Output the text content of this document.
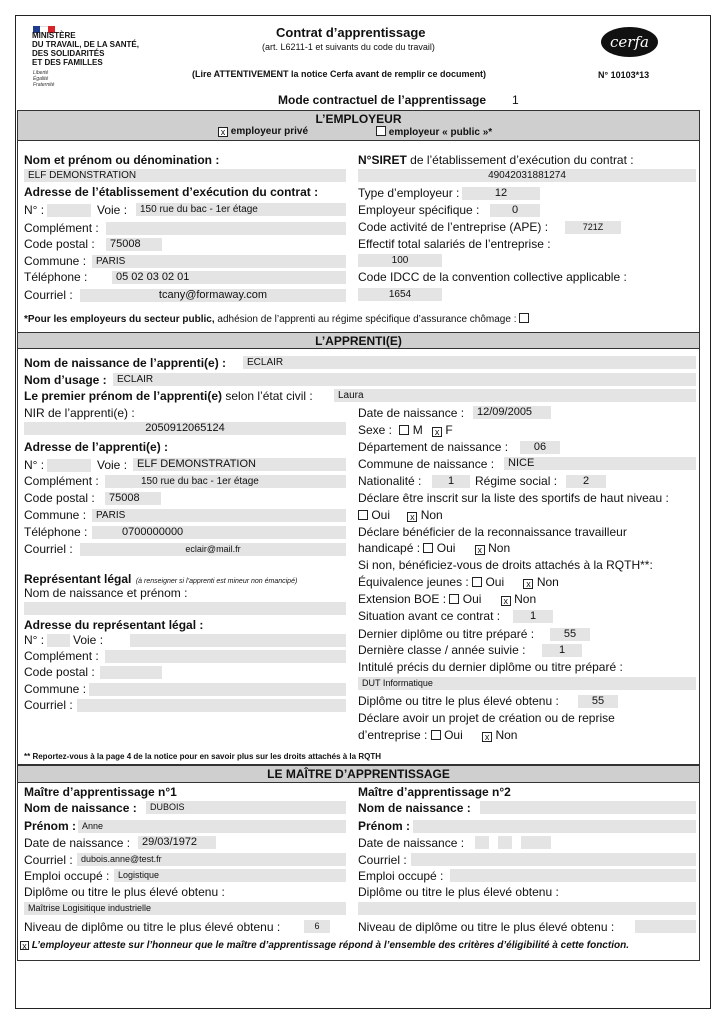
MINISTÈRE
DU TRAVAIL, DE LA SANTÉ,
DES SOLIDARITÉS
ET DES FAMILLES
Liberté
Égalité
Fraternité
Contrat d’apprentissage
(art. L6211-1 et suivants du code du travail)
(Lire ATTENTIVEMENT la notice Cerfa avant de remplir ce document)
cerfa
N° 10103*13
Mode contractuel de l’apprentissage 1
L’EMPLOYEUR
x employeur privé	employeur « public »*
Nom et prénom ou dénomination :
ELF DEMONSTRATION
Adresse de l’établissement d’exécution du contrat :
N° :	Voie :	150 rue du bac - 1er étage
Complément :
Code postal :	75008
Commune : PARIS
Téléphone :	05 02 03 02 01
Courriel :	tcany@formaway.com
N°SIRET de l’établissement d’exécution du contrat :
49042031881274
Type d’employeur :	12
Employeur spécifique :	0
Code activité de l’entreprise (APE) :	721Z
Effectif total salariés de l’entreprise :
100
Code IDCC de la convention collective applicable :
1654
*Pour les employeurs du secteur public, adhésion de l’apprenti au régime spécifique d’assurance chômage :
L’APPRENTI(E)
Nom de naissance de l’apprenti(e) :	ECLAIR
Nom d’usage :	ECLAIR
Le premier prénom de l’apprenti(e) selon l’état civil :	Laura
NIR de l’apprenti(e) :
2050912065124
Adresse de l’apprenti(e) :
N° :	Voie : ELF DEMONSTRATION
Complément :	150 rue du bac - 1er étage
Code postal :	75008
Commune : PARIS
Téléphone :	0700000000
Courriel :	eclair@mail.fr
Représentant légal (à renseigner si l’apprenti est mineur non émancipé)
Nom de naissance et prénom :
Adresse du représentant légal :
N° : Voie :
Complément :
Code postal :
Commune :
Courriel :
Date de naissance :	12/09/2005
Sexe : M x F
Département de naissance :	06
Commune de naissance :	NICE
Nationalité :	1	Régime social :	2
Déclare être inscrit sur la liste des sportifs de haut niveau :
Oui x Non
Déclare bénéficier de la reconnaissance travailleur
handicapé : Oui x Non
Si non, bénéficiez-vous de droits attachés à la RQTH**:
Équivalence jeunes : Oui x Non
Extension BOE : Oui x Non
Situation avant ce contrat :	1
Dernier diplôme ou titre préparé :	55
Dernière classe / année suivie :	1
Intitulé précis du dernier diplôme ou titre préparé :
DUT Informatique
Diplôme ou titre le plus élevé obtenu :	55
Déclare avoir un projet de création ou de reprise
d’entreprise : Oui x Non
** Reportez-vous à la page 4 de la notice pour en savoir plus sur les droits attachés à la RQTH
LE MAÎTRE D’APPRENTISSAGE
Maître d’apprentissage n°1
Nom de naissance :	DUBOIS
Prénom : Anne
Date de naissance :	29/03/1972
Courriel : dubois.anne@test.fr
Emploi occupé : Logistique
Diplôme ou titre le plus élevé obtenu :
Maîtrise Logisitique industrielle
Niveau de diplôme ou titre le plus élevé obtenu :	6
Maître d’apprentissage n°2
Nom de naissance :
Prénom :
Date de naissance :
Courriel :
Emploi occupé :
Diplôme ou titre le plus élevé obtenu :
Niveau de diplôme ou titre le plus élevé obtenu :
x L’employeur atteste sur l’honneur que le maître d’apprentissage répond à l’ensemble des critères d’éligibilité à cette fonction.
